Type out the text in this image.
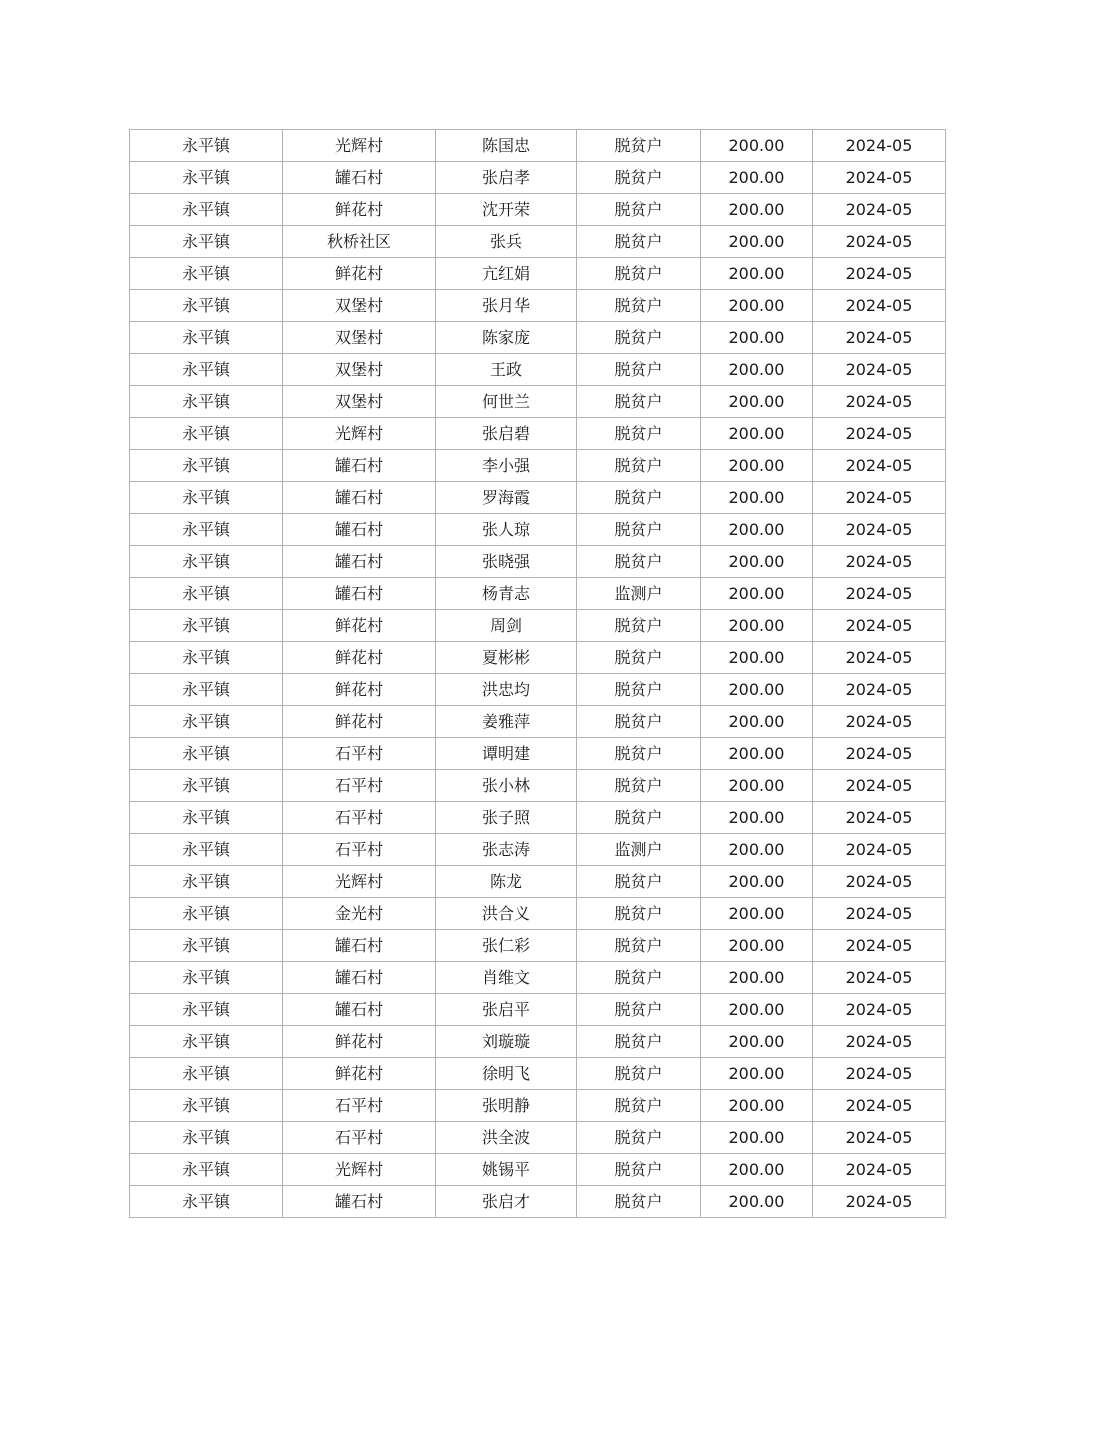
永平镇	光辉村	陈国忠	脱贫户	200.00	2024-05
永平镇	罐石村	张启孝	脱贫户	200.00	2024-05
永平镇	鲜花村	沈开荣	脱贫户	200.00	2024-05
永平镇	秋桥社区	张兵	脱贫户	200.00	2024-05
永平镇	鲜花村	亢红娟	脱贫户	200.00	2024-05
永平镇	双堡村	张月华	脱贫户	200.00	2024-05
永平镇	双堡村	陈家庞	脱贫户	200.00	2024-05
永平镇	双堡村	王政	脱贫户	200.00	2024-05
永平镇	双堡村	何世兰	脱贫户	200.00	2024-05
永平镇	光辉村	张启碧	脱贫户	200.00	2024-05
永平镇	罐石村	李小强	脱贫户	200.00	2024-05
永平镇	罐石村	罗海霞	脱贫户	200.00	2024-05
永平镇	罐石村	张人琼	脱贫户	200.00	2024-05
永平镇	罐石村	张晓强	脱贫户	200.00	2024-05
永平镇	罐石村	杨青志	监测户	200.00	2024-05
永平镇	鲜花村	周剑	脱贫户	200.00	2024-05
永平镇	鲜花村	夏彬彬	脱贫户	200.00	2024-05
永平镇	鲜花村	洪忠均	脱贫户	200.00	2024-05
永平镇	鲜花村	姜雅萍	脱贫户	200.00	2024-05
永平镇	石平村	谭明建	脱贫户	200.00	2024-05
永平镇	石平村	张小林	脱贫户	200.00	2024-05
永平镇	石平村	张子照	脱贫户	200.00	2024-05
永平镇	石平村	张志涛	监测户	200.00	2024-05
永平镇	光辉村	陈龙	脱贫户	200.00	2024-05
永平镇	金光村	洪合义	脱贫户	200.00	2024-05
永平镇	罐石村	张仁彩	脱贫户	200.00	2024-05
永平镇	罐石村	肖维文	脱贫户	200.00	2024-05
永平镇	罐石村	张启平	脱贫户	200.00	2024-05
永平镇	鲜花村	刘璇璇	脱贫户	200.00	2024-05
永平镇	鲜花村	徐明飞	脱贫户	200.00	2024-05
永平镇	石平村	张明静	脱贫户	200.00	2024-05
永平镇	石平村	洪全波	脱贫户	200.00	2024-05
永平镇	光辉村	姚锡平	脱贫户	200.00	2024-05
永平镇	罐石村	张启才	脱贫户	200.00	2024-05
